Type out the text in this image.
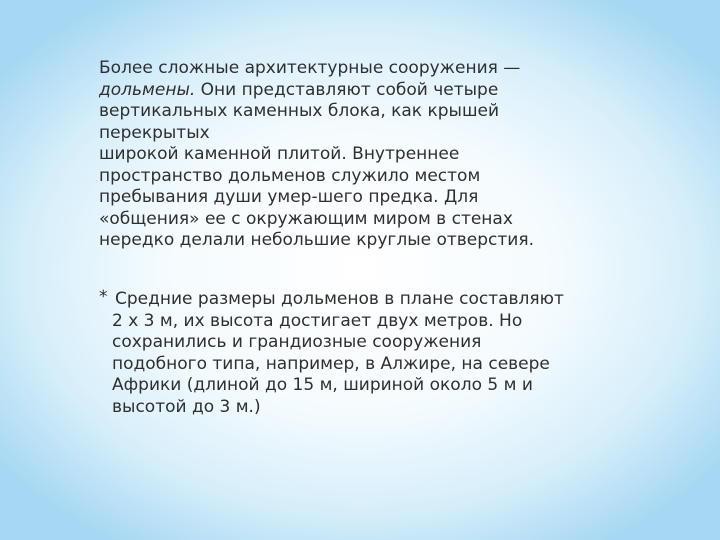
Более сложные архитектурные сооружения —
дольмены. Они представляют собой четыре
вертикальных каменных блока, как крышей
перекрытых
широкой каменной плитой. Внутреннее
пространство дольменов служило местом
пребывания души умер-шего предка. Для
«общения» ее с окружающим миром в стенах
нередко делали небольшие круглые отверстия.

* Средние размеры дольменов в плане составляют
2 х 3 м, их высота достигает двух метров. Но
сохранились и грандиозные сооружения
подобного типа, например, в Алжире, на севере
Африки (длиной до 15 м, шириной около 5 м и
высотой до 3 м.)
